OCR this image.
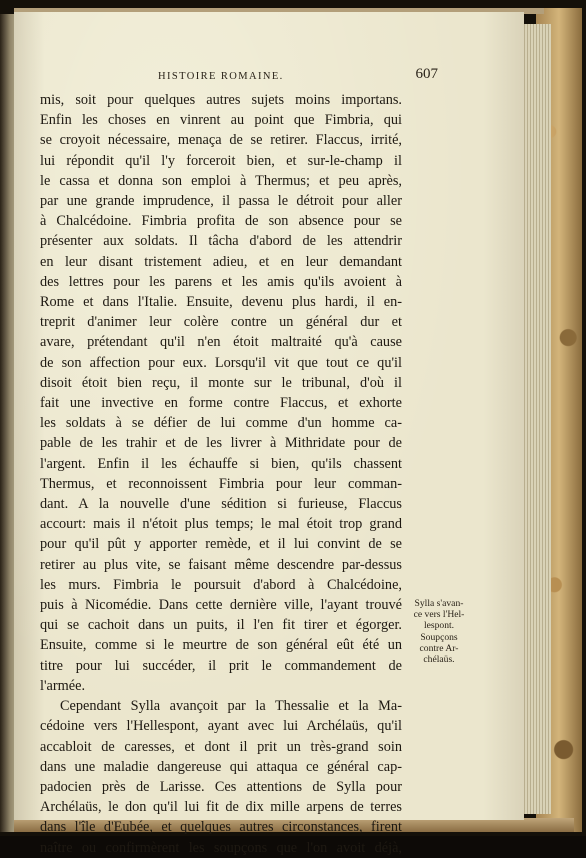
HISTOIRE ROMAINE.	607
mis, soit pour quelques autres sujets moins importans.
Enfin les choses en vinrent au point que Fimbria, qui
se croyoit nécessaire, menaça de se retirer. Flaccus, irrité,
lui répondit qu'il l'y forceroit bien, et sur-le-champ il
le cassa et donna son emploi à Thermus; et peu après,
par une grande imprudence, il passa le détroit pour aller
à Chalcédoine. Fimbria profita de son absence pour se
présenter aux soldats. Il tâcha d'abord de les attendrir
en leur disant tristement adieu, et en leur demandant
des lettres pour les parens et les amis qu'ils avoient à
Rome et dans l'Italie. Ensuite, devenu plus hardi, il en-
treprit d'animer leur colère contre un général dur et
avare, prétendant qu'il n'en étoit maltraité qu'à cause
de son affection pour eux. Lorsqu'il vit que tout ce qu'il
disoit étoit bien reçu, il monte sur le tribunal, d'où il
fait une invective en forme contre Flaccus, et exhorte
les soldats à se défier de lui comme d'un homme ca-
pable de les trahir et de les livrer à Mithridate pour de
l'argent. Enfin il les échauffe si bien, qu'ils chassent
Thermus, et reconnoissent Fimbria pour leur comman-
dant. A la nouvelle d'une sédition si furieuse, Flaccus
accourt: mais il n'étoit plus temps; le mal étoit trop grand
pour qu'il pût y apporter remède, et il lui convint de se
retirer au plus vite, se faisant même descendre par-dessus
les murs. Fimbria le poursuit d'abord à Chalcédoine,
puis à Nicomédie. Dans cette dernière ville, l'ayant trouvé
qui se cachoit dans un puits, il l'en fit tirer et égorger.
Ensuite, comme si le meurtre de son général eût été un
titre pour lui succéder, il prit le commandement de
l'armée.
Cependant Sylla avançoit par la Thessalie et la Ma-
cédoine vers l'Hellespont, ayant avec lui Archélaüs, qu'il
accabloit de caresses, et dont il prit un très-grand soin
dans une maladie dangereuse qui attaqua ce général cap-
padocien près de Larisse. Ces attentions de Sylla pour
Archélaüs, le don qu'il lui fit de dix mille arpens de terres
dans l'île d'Eubée, et quelques autres circonstances, firent
naître ou confirmèrent les soupçons que l'on avoit déjà,
Sylla s'avan-
ce vers l'Hel-
lespont.
Soupçons
contre Ar-
chélaüs.
